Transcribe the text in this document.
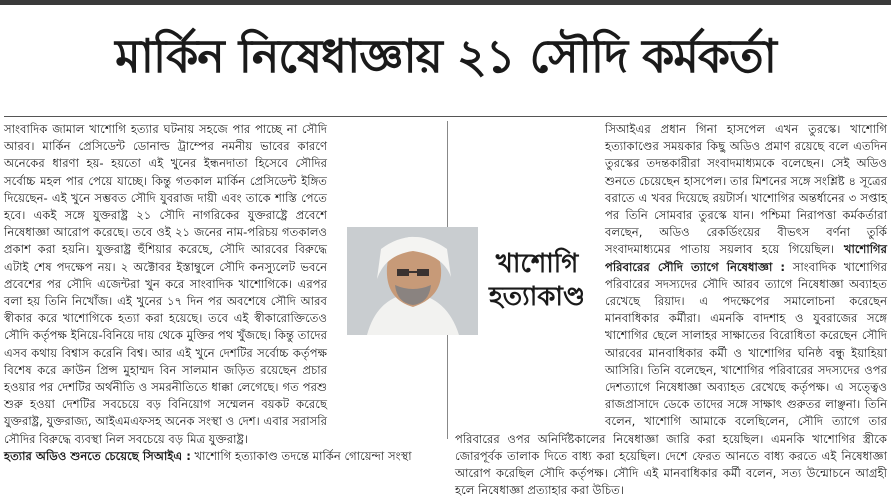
মার্কিন নিষেধাজ্ঞায় ২১ সৌদি কর্মকর্তা

সাংবাদিক জামাল খাশোগি হত্যার ঘটনায় সহজে পার পাচ্ছে না সৌদি আরব। মার্কিন প্রেসিডেন্ট ডোনাল্ড ট্রাম্পের নমনীয় ভাবের কারণে অনেকের ধারণা হয়- হয়তো এই খুনের ইন্ধনদাতা হিসেবে সৌদির সর্বোচ্চ মহল পার পেয়ে যাচ্ছে। কিন্তু গতকাল মার্কিন প্রেসিডেন্ট ইঙ্গিত দিয়েছেন- এই খুনে সম্ভবত সৌদি যুবরাজ দায়ী এবং তাকে শাস্তি পেতে হবে। একই সঙ্গে যুক্তরাষ্ট্র ২১ সৌদি নাগরিকের যুক্তরাষ্ট্রে প্রবেশে নিষেধাজ্ঞা আরোপ করেছে। তবে ওই ২১ জনের নাম-পরিচয় গতকালও প্রকাশ করা হয়নি। যুক্তরাষ্ট্র হুঁশিয়ার করেছে, সৌদি আরবের বিরুদ্ধে এটাই শেষ পদক্ষেপ নয়। ২ অক্টোবর ইস্তাম্বুলে সৌদি কনস্যুলেট ভবনে প্রবেশের পর সৌদি এজেন্টরা খুন করে সাংবাদিক খাশোগিকে। এরপর বলা হয় তিনি নিখোঁজ। এই খুনের ১৭ দিন পর অবশেষে সৌদি আরব স্বীকার করে খাশোগিকে হত্যা করা হয়েছে। তবে এই স্বীকারোক্তিতেও সৌদি কর্তৃপক্ষ ইনিয়ে-বিনিয়ে দায় থেকে মুক্তির পথ খুঁজছে। কিন্তু তাদের এসব কথায় বিশ্বাস করেনি বিশ্ব। আর এই খুনে দেশটির সর্বোচ্চ কর্তৃপক্ষ বিশেষ করে ক্রাউন প্রিন্স মুহাম্মদ বিন সালমান জড়িত রয়েছেন প্রচার হওয়ার পর দেশটির অর্থনীতি ও সমরনীতিতে ধাক্কা লেগেছে। গত পরশু শুরু হওয়া দেশটির সবচেয়ে বড় বিনিয়োগ সম্মেলন বয়কট করেছে যুক্তরাষ্ট্র, যুক্তরাজ্য, আইএমএফসহ অনেক সংস্থা ও দেশ। এবার সরাসরি সৌদির বিরুদ্ধে ব্যবস্থা নিল সবচেয়ে বড় মিত্র যুক্তরাষ্ট্র।

হত্যার অডিও শুনতে চেয়েছে সিআইএ : খাশোগি হত্যাকাণ্ড তদন্তে মার্কিন গোয়েন্দা সংস্থা

সিআইএর প্রধান গিনা হাসপেল এখন তুরস্কে। খাশোগি হত্যাকাণ্ডের সময়কার কিছু অডিও প্রমাণ রয়েছে বলে এতদিন তুরস্কের তদন্তকারীরা সংবাদমাধ্যমকে বলেছেন। সেই অডিও শুনতে চেয়েছেন হাসপেল। তার মিশনের সঙ্গে সংশ্লিষ্ট ৪ সূত্রের বরাতে এ খবর দিয়েছে রয়টার্স। খাশোগির অন্তর্ধানের ৩ সপ্তাহ পর তিনি সোমবার তুরস্কে যান। পশ্চিমা নিরাপত্তা কর্মকর্তারা বলছেন, অডিও রেকর্ডিংয়ের বীভৎস বর্ণনা তুর্কি সংবাদমাধ্যমের পাতায় সয়লাব হয়ে গিয়েছিল। খাশোগির পরিবারের সৌদি ত্যাগে নিষেধাজ্ঞা : সাংবাদিক খাশোগির পরিবারের সদস্যদের সৌদি আরব ত্যাগে নিষেধাজ্ঞা অব্যাহত রেখেছে রিয়াদ। এ পদক্ষেপের সমালোচনা করেছেন মানবাধিকার কর্মীরা। এমনকি বাদশাহ ও যুবরাজের সঙ্গে খাশোগির ছেলে সালাহর সাক্ষাতের বিরোধিতা করেছেন সৌদি আরবের মানবাধিকার কর্মী ও খাশোগির ঘনিষ্ঠ বন্ধু ইয়াহিয়া আসিরি। তিনি বলেছেন, খাশোগির পরিবারের সদস্যদের ওপর দেশত্যাগে নিষেধাজ্ঞা অব্যাহত রেখেছে কর্তৃপক্ষ। এ সত্ত্বেও রাজপ্রাসাদে ডেকে তাদের সঙ্গে সাক্ষাৎ গুরুতর লাঞ্ছনা। তিনি বলেন, খাশোগি আমাকে বলেছিলেন, সৌদি ত্যাগে তার পরিবারের ওপর অনির্দিষ্টকালের নিষেধাজ্ঞা জারি করা হয়েছিল। এমনকি খাশোগির স্ত্রীকে জোরপূর্বক তালাক দিতে বাধ্য করা হয়েছিল। দেশে ফেরত আনতে বাধ্য করতে এই নিষেধাজ্ঞা আরোপ করেছিল সৌদি কর্তৃপক্ষ। সৌদি এই মানবাধিকার কর্মী বলেন, সত্য উন্মোচনে আগ্রহী হলে নিষেধাজ্ঞা প্রত্যাহার করা উচিত।

খাশোগি
হত্যাকাণ্ড
